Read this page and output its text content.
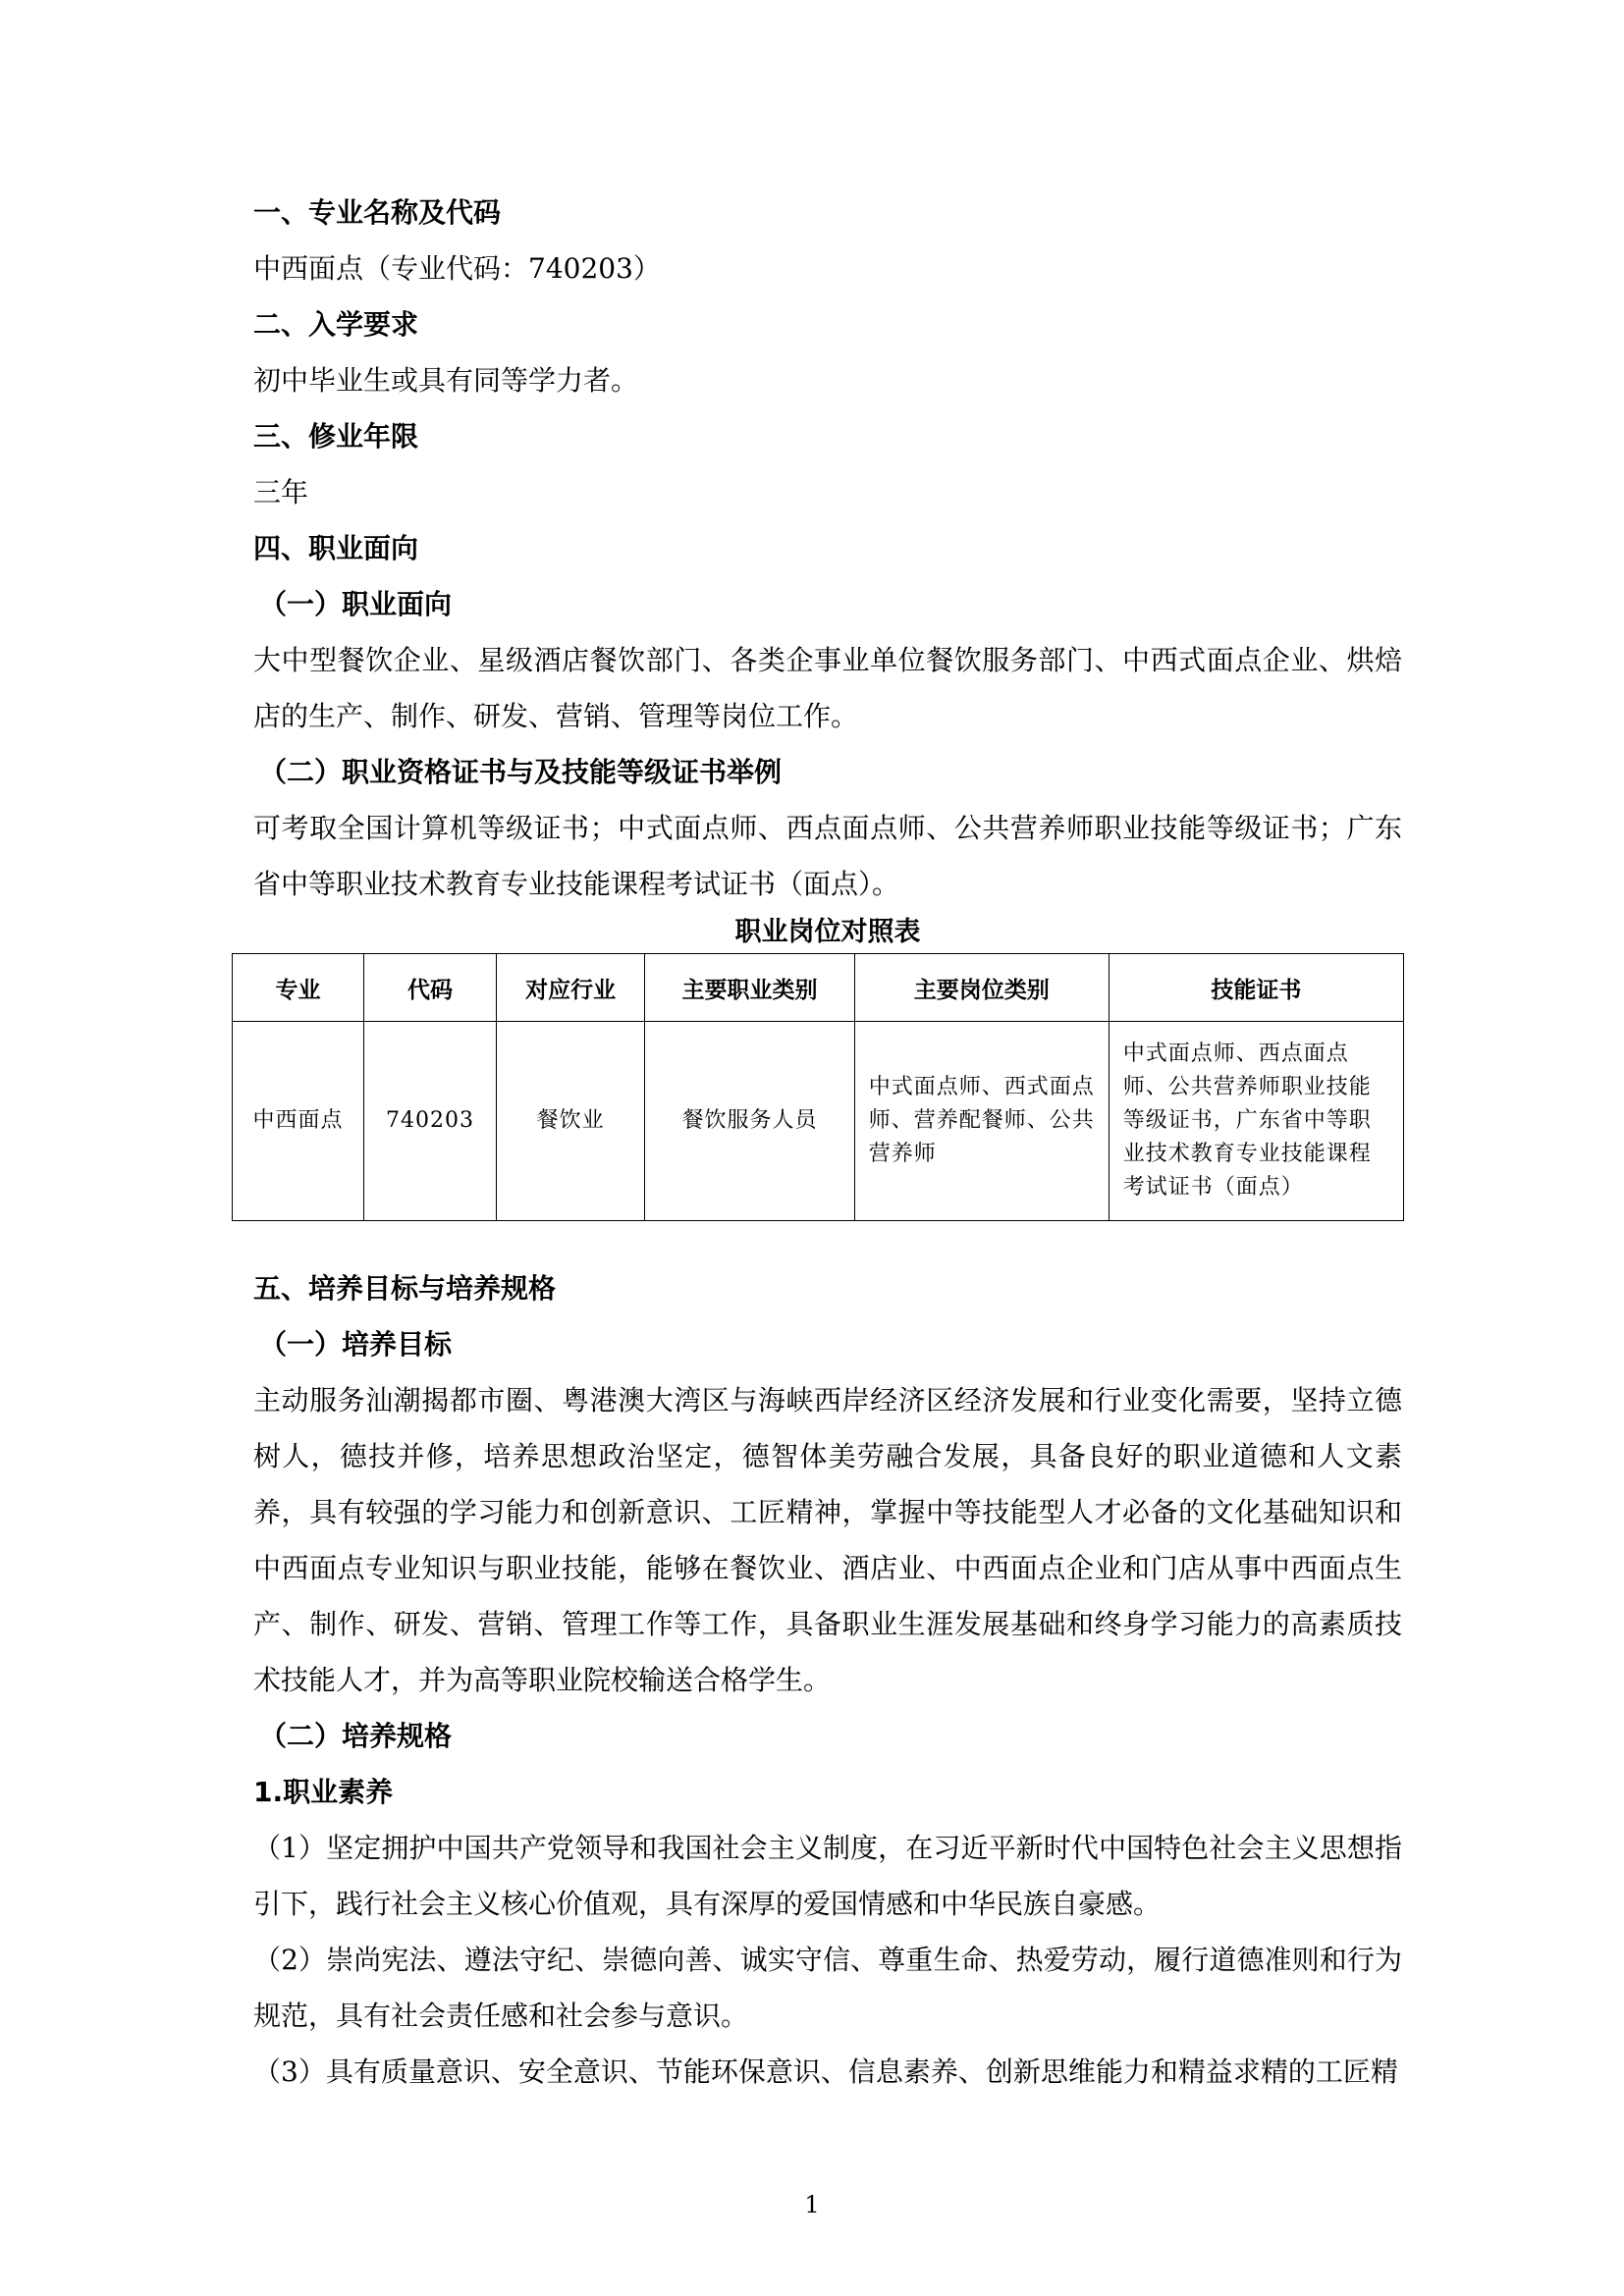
一、专业名称及代码
中西面点（专业代码：740203）
二、入学要求
初中毕业生或具有同等学力者。
三、修业年限
三年
四、职业面向
（一）职业面向
大中型餐饮企业、星级酒店餐饮部门、各类企事业单位餐饮服务部门、中西式面点企业、烘焙店的生产、制作、研发、营销、管理等岗位工作。
（二）职业资格证书与及技能等级证书举例
可考取全国计算机等级证书；中式面点师、西点面点师、公共营养师职业技能等级证书；广东省中等职业技术教育专业技能课程考试证书（面点）。
职业岗位对照表
专业	代码	对应行业	主要职业类别	主要岗位类别	技能证书
中西面点	740203	餐饮业	餐饮服务人员	中式面点师、西式面点师、营养配餐师、公共营养师	中式面点师、西点面点师、公共营养师职业技能等级证书，广东省中等职业技术教育专业技能课程考试证书（面点）
五、培养目标与培养规格
（一）培养目标
主动服务汕潮揭都市圈、粤港澳大湾区与海峡西岸经济区经济发展和行业变化需要，坚持立德树人，德技并修，培养思想政治坚定，德智体美劳融合发展，具备良好的职业道德和人文素养，具有较强的学习能力和创新意识、工匠精神，掌握中等技能型人才必备的文化基础知识和中西面点专业知识与职业技能，能够在餐饮业、酒店业、中西面点企业和门店从事中西面点生产、制作、研发、营销、管理工作等工作，具备职业生涯发展基础和终身学习能力的高素质技术技能人才，并为高等职业院校输送合格学生。
（二）培养规格
1.职业素养
（1）坚定拥护中国共产党领导和我国社会主义制度，在习近平新时代中国特色社会主义思想指引下，践行社会主义核心价值观，具有深厚的爱国情感和中华民族自豪感。
（2）崇尚宪法、遵法守纪、崇德向善、诚实守信、尊重生命、热爱劳动，履行道德准则和行为规范，具有社会责任感和社会参与意识。
（3）具有质量意识、安全意识、节能环保意识、信息素养、创新思维能力和精益求精的工匠精
1
